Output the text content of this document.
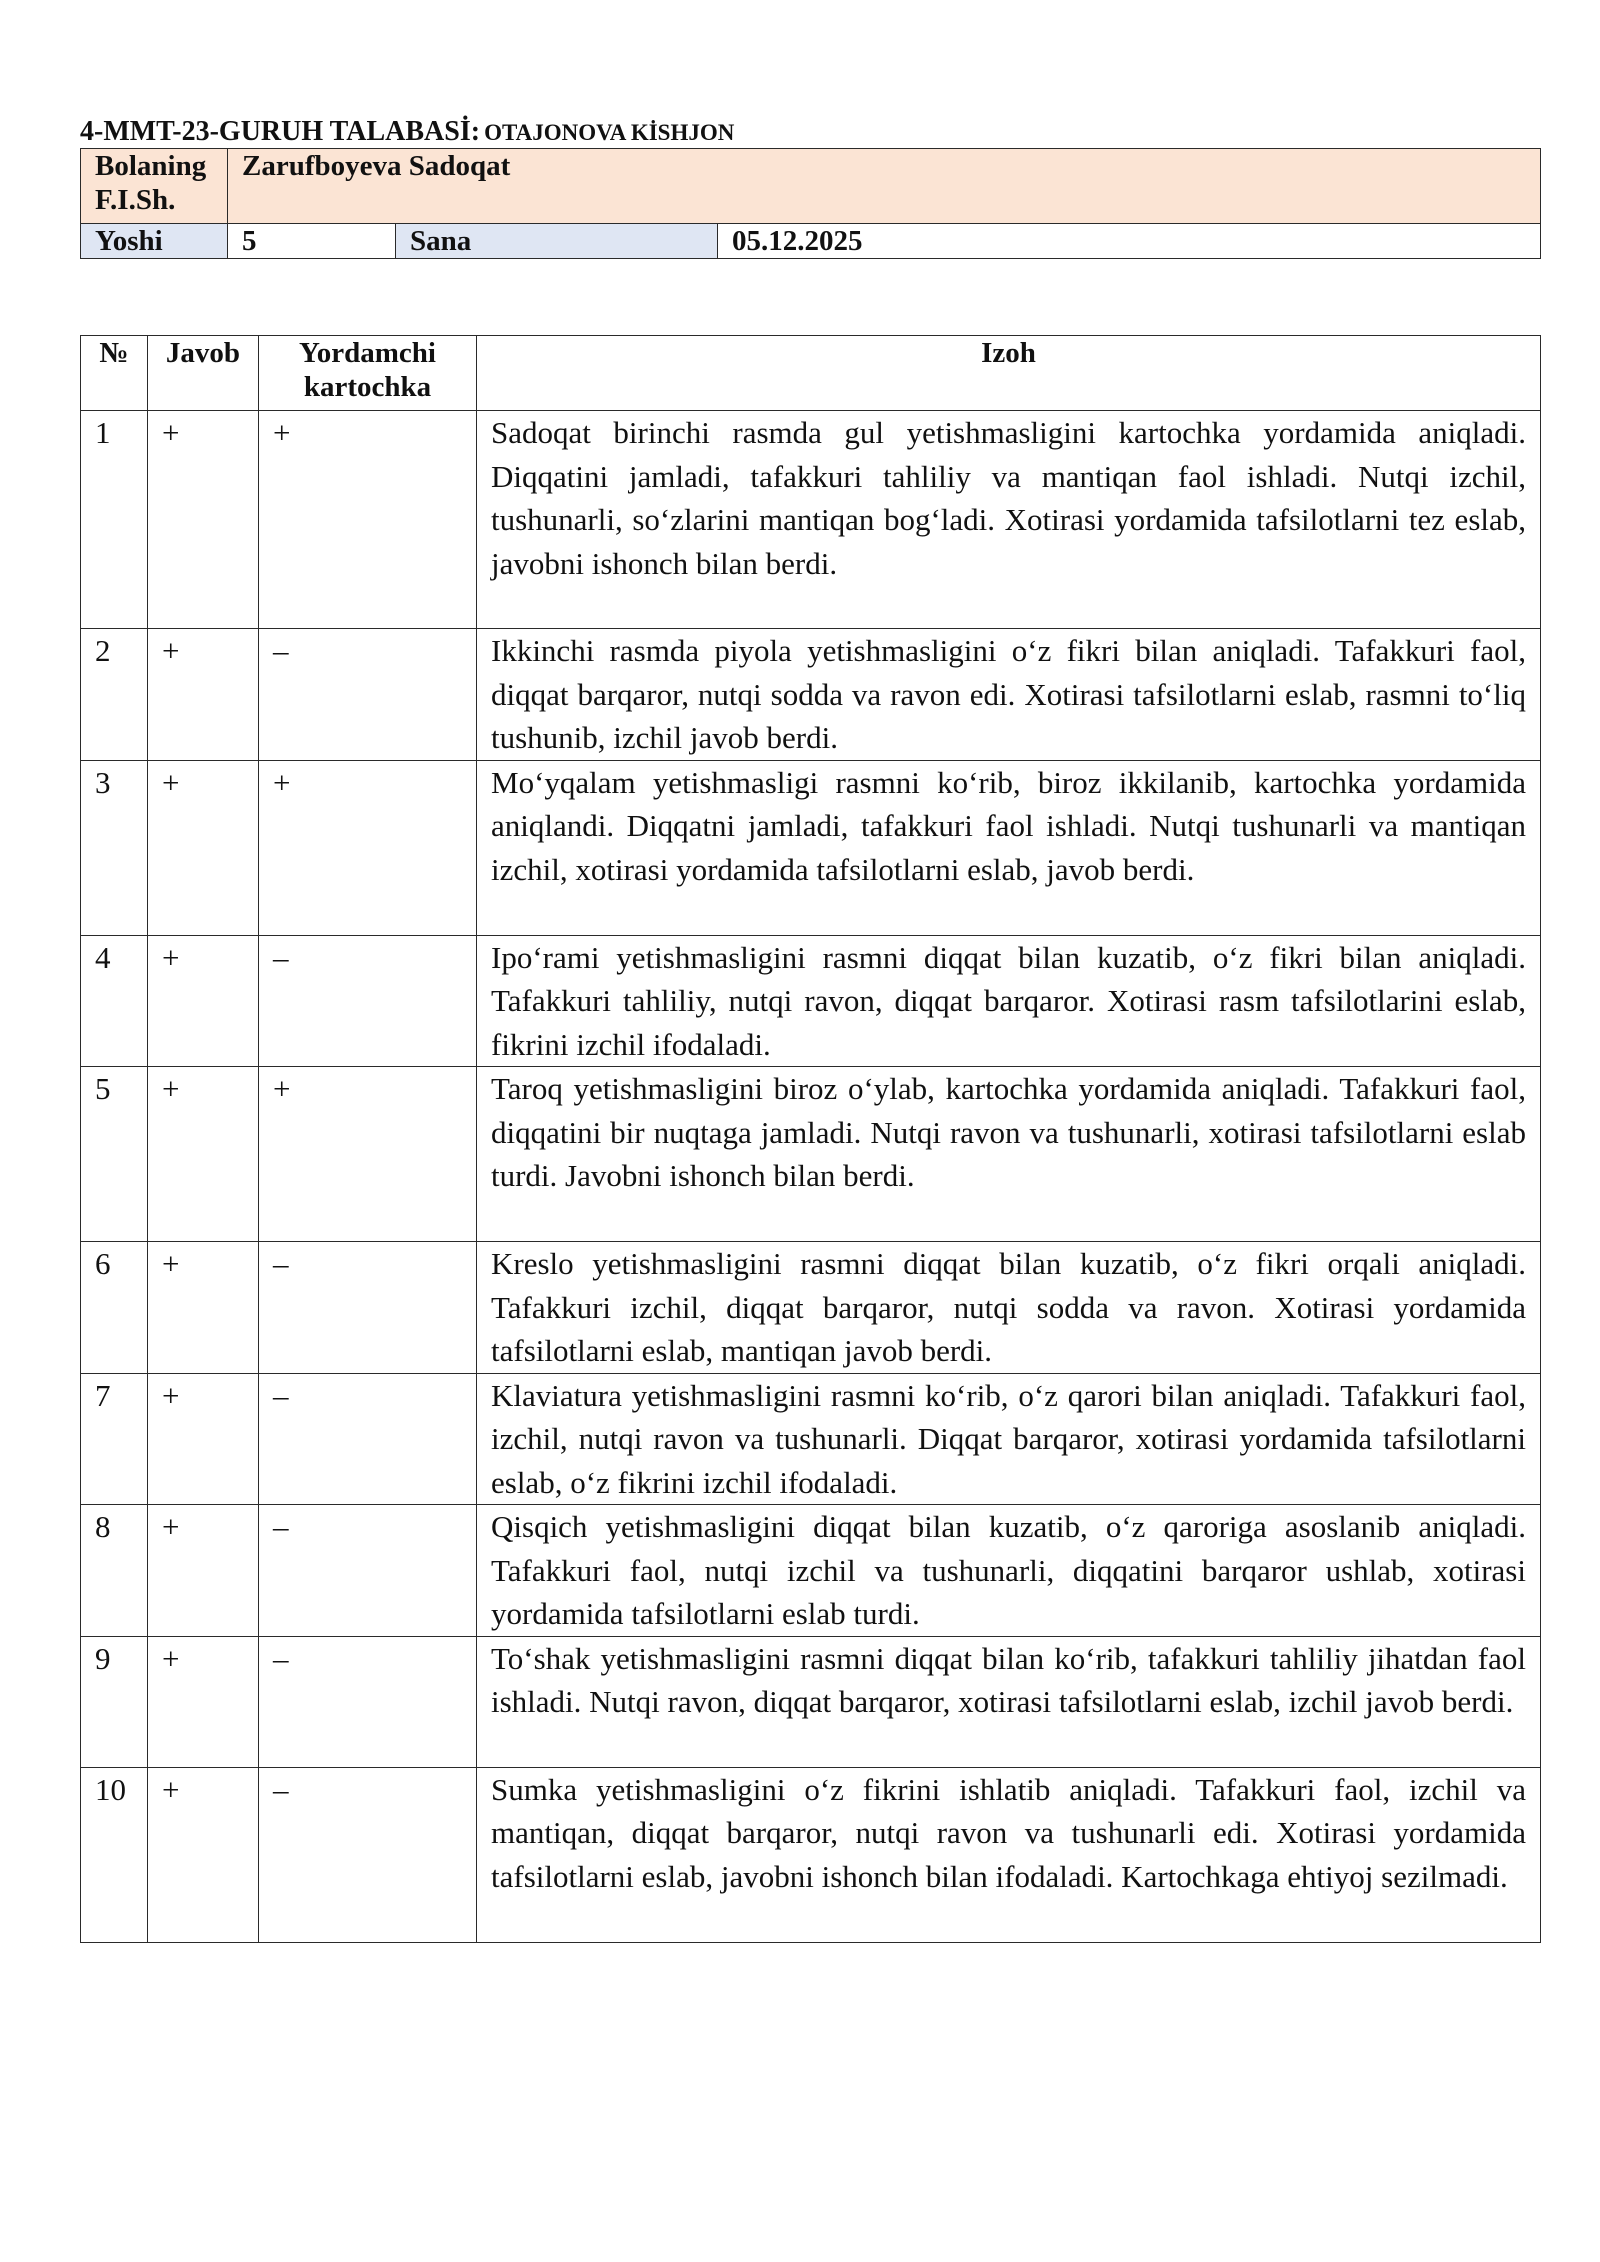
4-MMT-23-GURUH TALABASİ: OTAJONOVA KİSHJON
Bolaning F.I.Sh.	Zarufboyeva Sadoqat		
Yoshi	5	Sana	05.12.2025
№	Javob	Yordamchi kartochka	Izoh
1	+	+	Sadoqat birinchi rasmda gul yetishmasligini kartochka yordamida aniqladi. Diqqatini jamladi, tafakkuri tahliliy va mantiqan faol ishladi. Nutqi izchil, tushunarli, so‘zlarini mantiqan bog‘ladi. Xotirasi yordamida tafsilotlarni tez eslab, javobni ishonch bilan berdi.
2	+	–	Ikkinchi rasmda piyola yetishmasligini o‘z fikri bilan aniqladi. Tafakkuri faol, diqqat barqaror, nutqi sodda va ravon edi. Xotirasi tafsilotlarni eslab, rasmni to‘liq tushunib, izchil javob berdi.
3	+	+	Mo‘yqalam yetishmasligi rasmni ko‘rib, biroz ikkilanib, kartochka yordamida aniqlandi. Diqqatni jamladi, tafakkuri faol ishladi. Nutqi tushunarli va mantiqan izchil, xotirasi yordamida tafsilotlarni eslab, javob berdi.
4	+	–	Ipo‘rami yetishmasligini rasmni diqqat bilan kuzatib, o‘z fikri bilan aniqladi. Tafakkuri tahliliy, nutqi ravon, diqqat barqaror. Xotirasi rasm tafsilotlarini eslab, fikrini izchil ifodaladi.
5	+	+	Taroq yetishmasligini biroz o‘ylab, kartochka yordamida aniqladi. Tafakkuri faol, diqqatini bir nuqtaga jamladi. Nutqi ravon va tushunarli, xotirasi tafsilotlarni eslab turdi. Javobni ishonch bilan berdi.
6	+	–	Kreslo yetishmasligini rasmni diqqat bilan kuzatib, o‘z fikri orqali aniqladi. Tafakkuri izchil, diqqat barqaror, nutqi sodda va ravon. Xotirasi yordamida tafsilotlarni eslab, mantiqan javob berdi.
7	+	–	Klaviatura yetishmasligini rasmni ko‘rib, o‘z qarori bilan aniqladi. Tafakkuri faol, izchil, nutqi ravon va tushunarli. Diqqat barqaror, xotirasi yordamida tafsilotlarni eslab, o‘z fikrini izchil ifodaladi.
8	+	–	Qisqich yetishmasligini diqqat bilan kuzatib, o‘z qaroriga asoslanib aniqladi. Tafakkuri faol, nutqi izchil va tushunarli, diqqatini barqaror ushlab, xotirasi yordamida tafsilotlarni eslab turdi.
9	+	–	To‘shak yetishmasligini rasmni diqqat bilan ko‘rib, tafakkuri tahliliy jihatdan faol ishladi. Nutqi ravon, diqqat barqaror, xotirasi tafsilotlarni eslab, izchil javob berdi.
10	+	–	Sumka yetishmasligini o‘z fikrini ishlatib aniqladi. Tafakkuri faol, izchil va mantiqan, diqqat barqaror, nutqi ravon va tushunarli edi. Xotirasi yordamida tafsilotlarni eslab, javobni ishonch bilan ifodaladi. Kartochkaga ehtiyoj sezilmadi.
